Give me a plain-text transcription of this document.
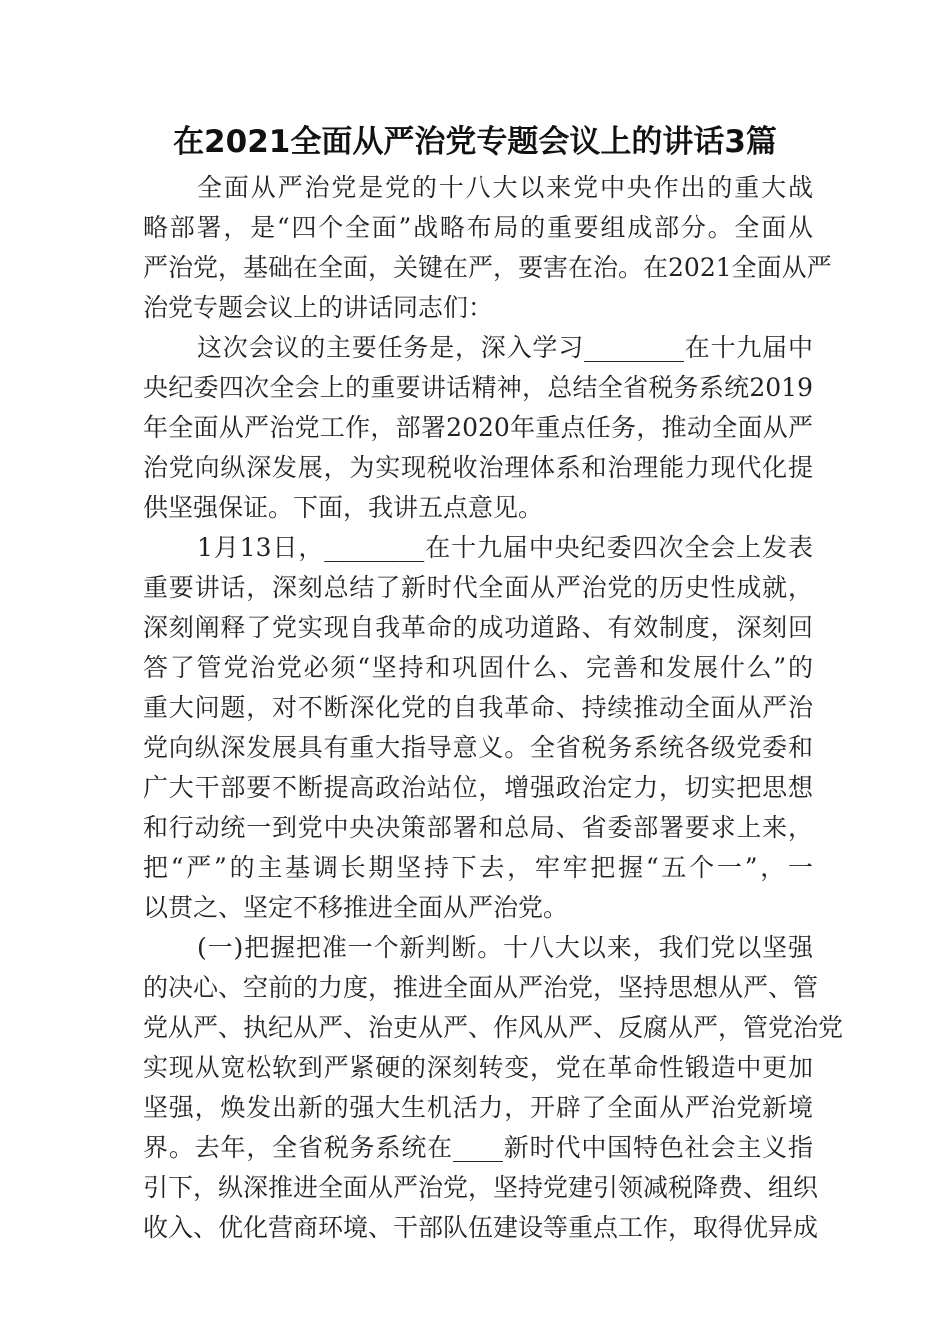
在2021全面从严治党专题会议上的讲话3篇
全面从严治党是党的十八大以来党中央作出的重大战
略部署，是“四个全面”战略布局的重要组成部分。全面从
严治党，基础在全面，关键在严，要害在治。在2021全面从严
治党专题会议上的讲话同志们：
这次会议的主要任务是，深入学习________在十九届中
央纪委四次全会上的重要讲话精神，总结全省税务系统2019
年全面从严治党工作，部署2020年重点任务，推动全面从严
治党向纵深发展，为实现税收治理体系和治理能力现代化提
供坚强保证。下面，我讲五点意见。
1月13日，________在十九届中央纪委四次全会上发表
重要讲话，深刻总结了新时代全面从严治党的历史性成就，
深刻阐释了党实现自我革命的成功道路、有效制度，深刻回
答了管党治党必须“坚持和巩固什么、完善和发展什么”的
重大问题，对不断深化党的自我革命、持续推动全面从严治
党向纵深发展具有重大指导意义。全省税务系统各级党委和
广大干部要不断提高政治站位，增强政治定力，切实把思想
和行动统一到党中央决策部署和总局、省委部署要求上来，
把“严”的主基调长期坚持下去，牢牢把握“五个一”，一
以贯之、坚定不移推进全面从严治党。
(一)把握把准一个新判断。十八大以来，我们党以坚强
的决心、空前的力度，推进全面从严治党，坚持思想从严、管
党从严、执纪从严、治吏从严、作风从严、反腐从严，管党治党
实现从宽松软到严紧硬的深刻转变，党在革命性锻造中更加
坚强，焕发出新的强大生机活力，开辟了全面从严治党新境
界。去年，全省税务系统在____新时代中国特色社会主义指
引下，纵深推进全面从严治党，坚持党建引领减税降费、组织
收入、优化营商环境、干部队伍建设等重点工作，取得优异成
